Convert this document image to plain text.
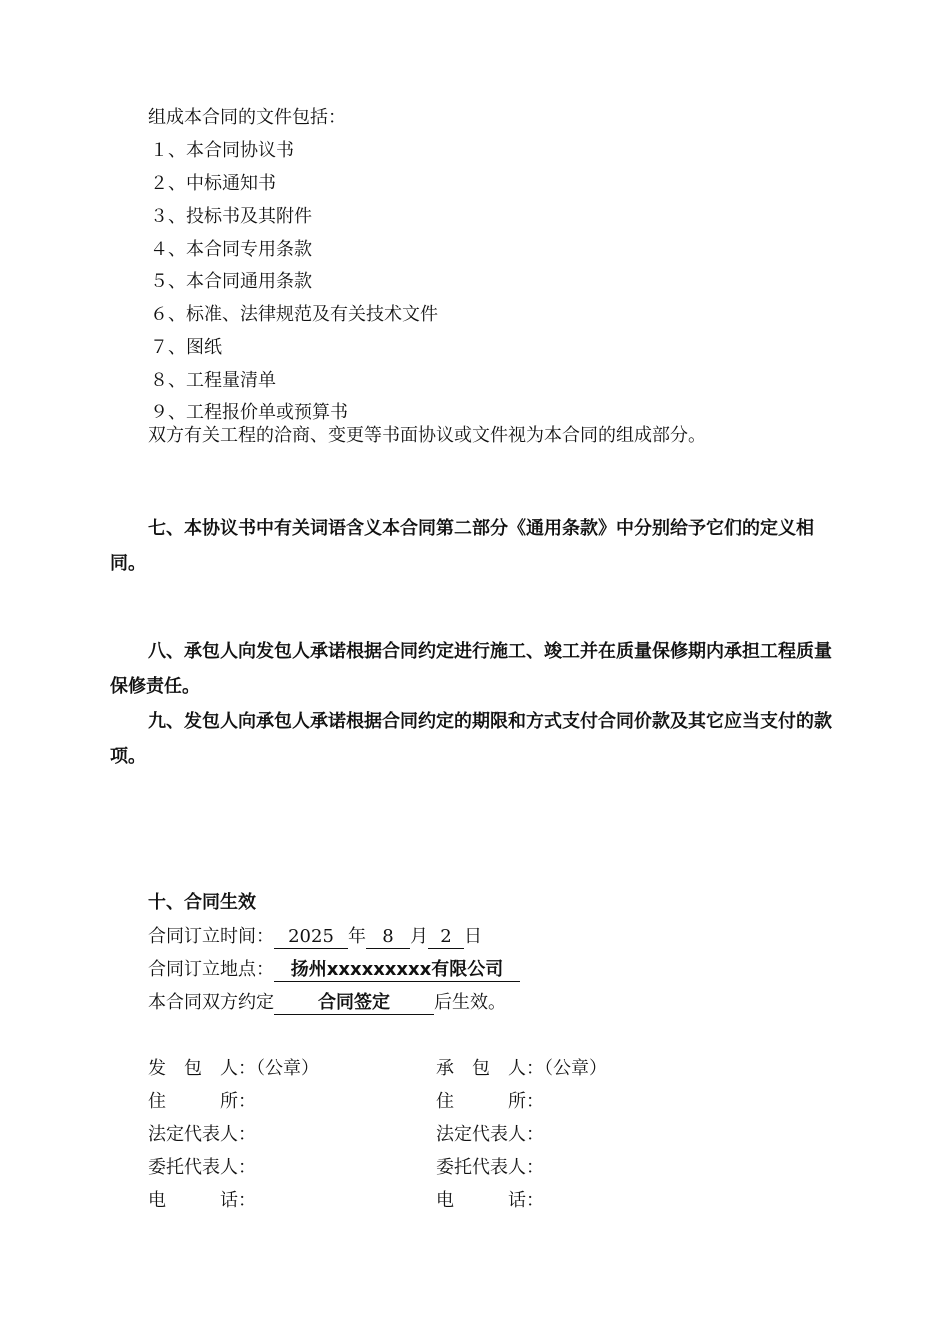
组成本合同的文件包括：
１、本合同协议书
２、中标通知书
３、投标书及其附件
４、本合同专用条款
５、本合同通用条款
６、标准、法律规范及有关技术文件
７、图纸
８、工程量清单
９、工程报价单或预算书
双方有关工程的洽商、变更等书面协议或文件视为本合同的组成部分。
七、本协议书中有关词语含义本合同第二部分《通用条款》中分别给予它们的定义相同。
八、承包人向发包人承诺根据合同约定进行施工、竣工并在质量保修期内承担工程质量保修责任。
九、发包人向承包人承诺根据合同约定的期限和方式支付合同价款及其它应当支付的款项。
十、合同生效
合同订立时间： 2025 年 8 月 2 日
合同订立地点： 扬州xxxxxxxxx有限公司
本合同双方约定 合同签定 后生效。
发　包　人：（公章）
住　　　所：
法定代表人：
委托代表人：
电　　　话：
承　包　人：（公章）
住　　　所：
法定代表人：
委托代表人：
电　　　话：
